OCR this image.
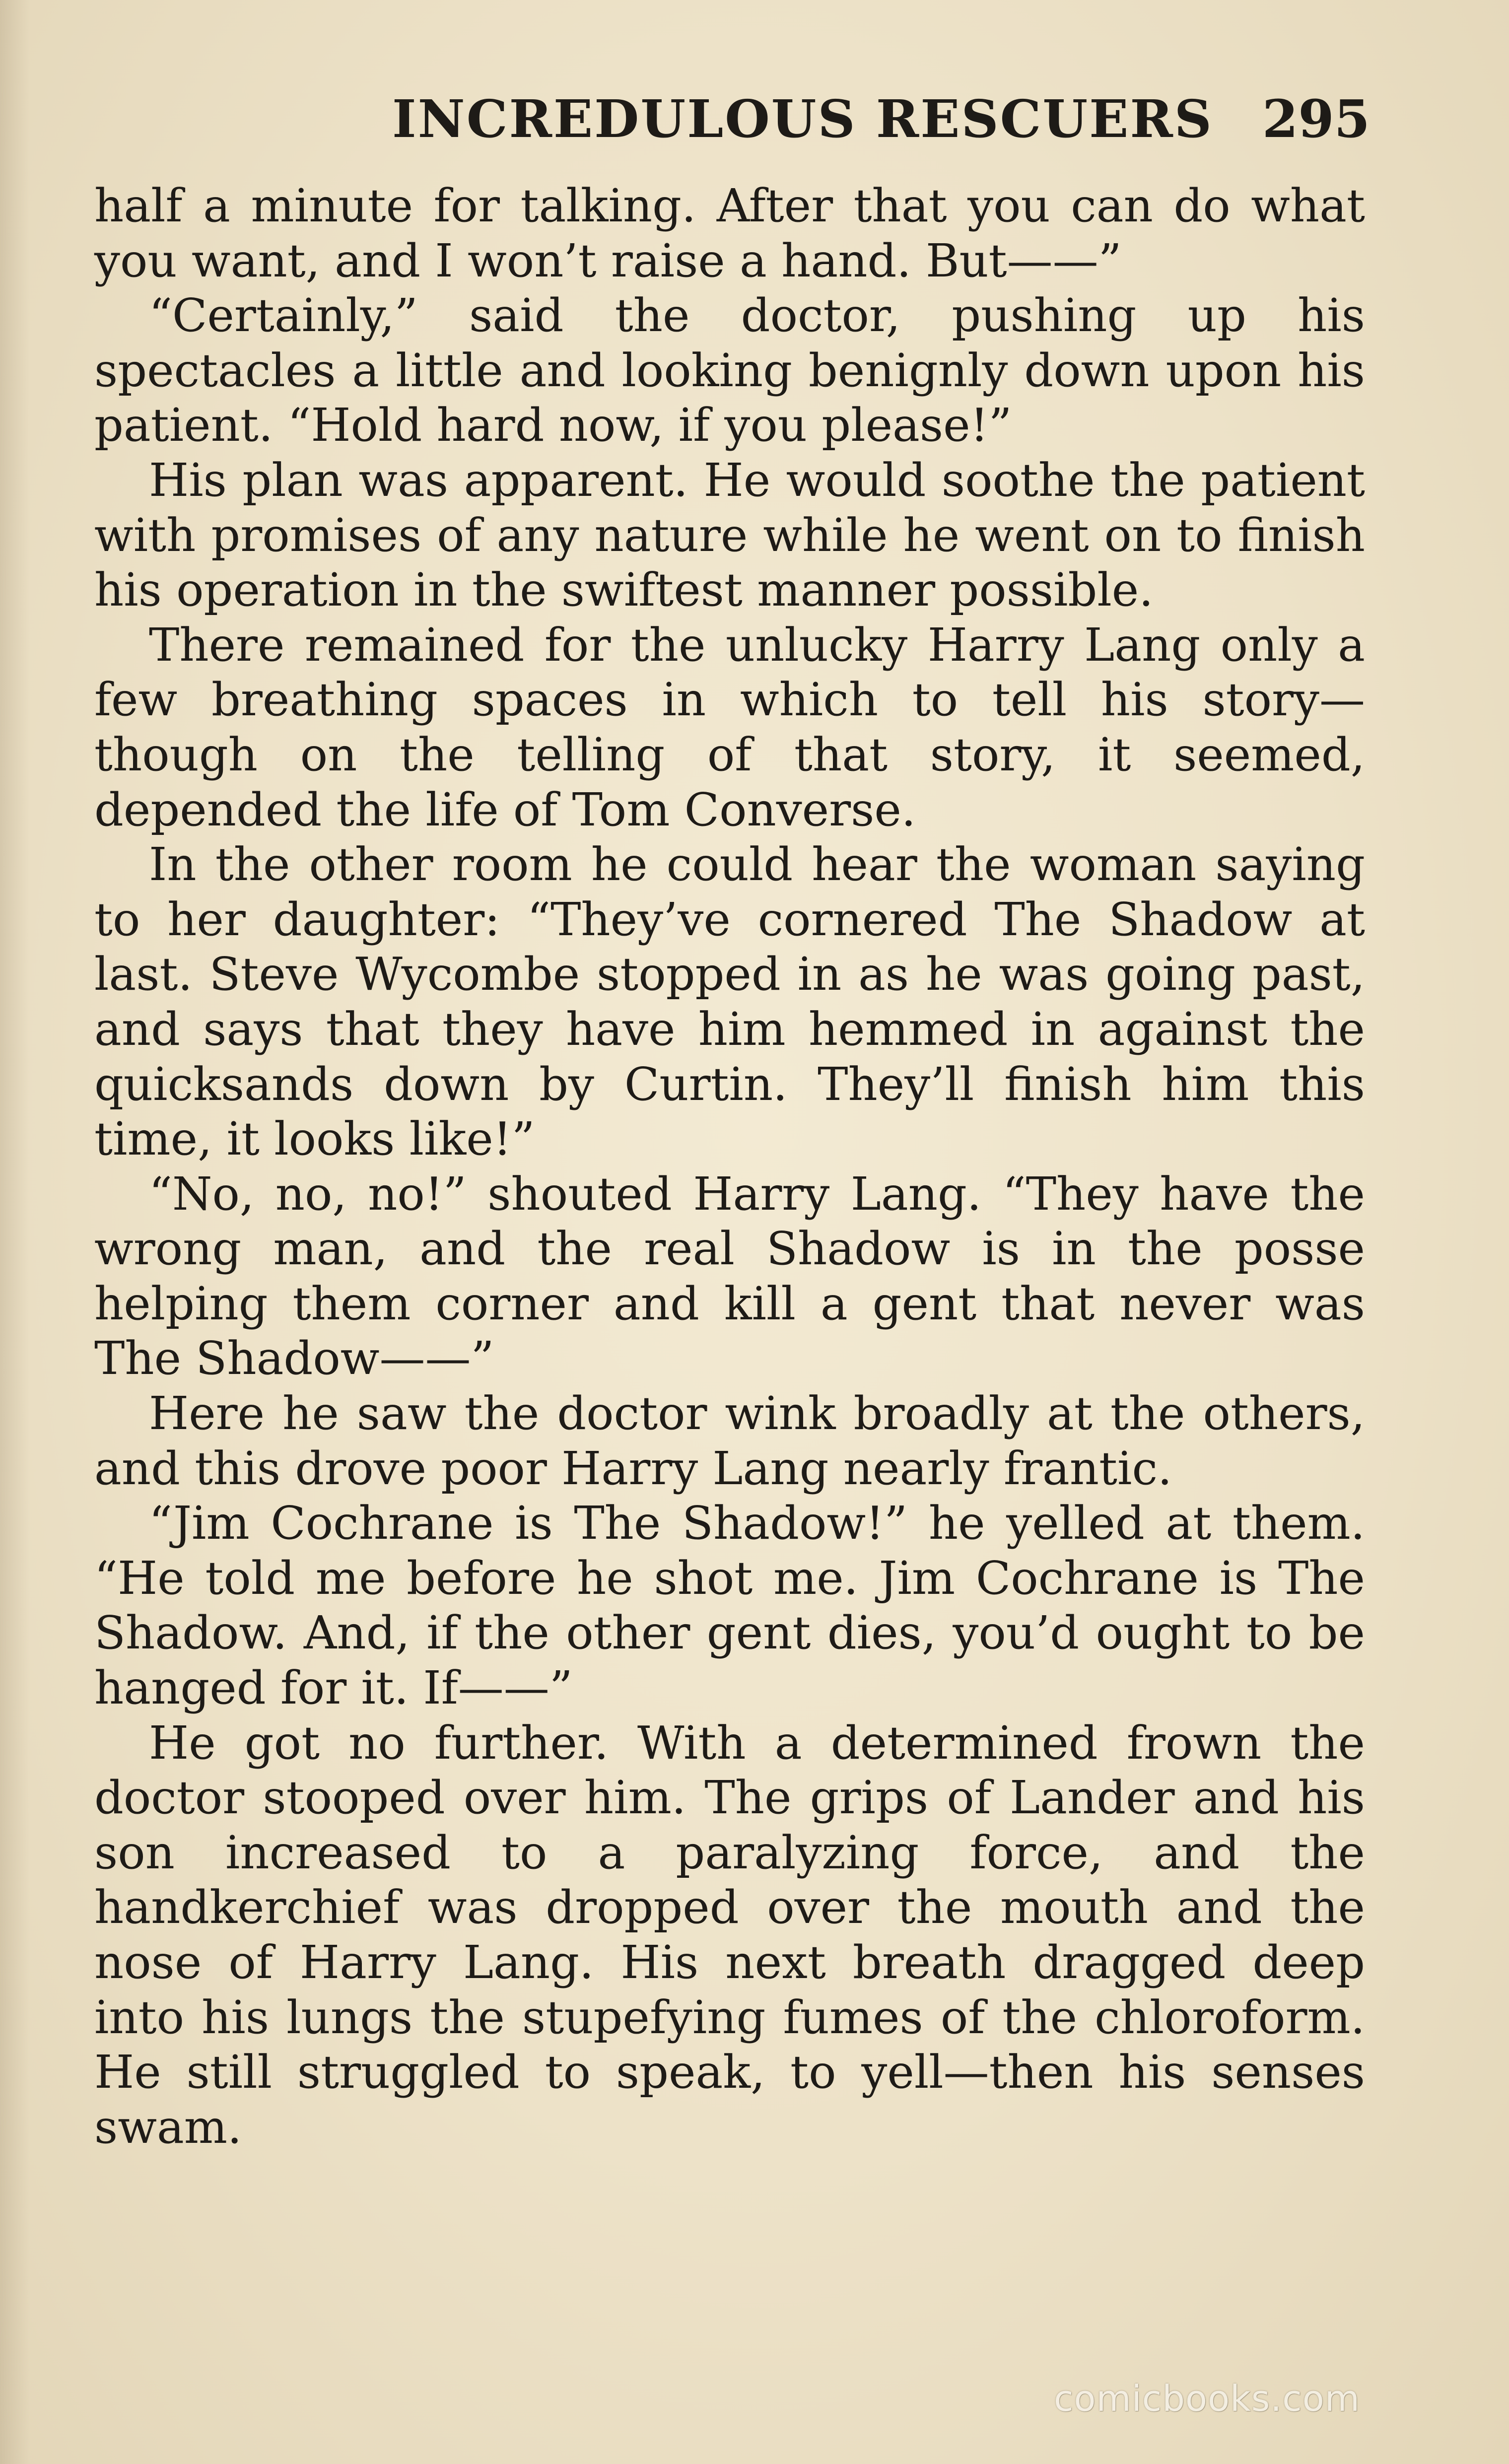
INCREDULOUS RESCUERS 295

half a minute for talking. After that you can do what you want, and I won’t raise a hand. But——”

“Certainly,” said the doctor, pushing up his spectacles a little and looking benignly down upon his patient. “Hold hard now, if you please!”

His plan was apparent. He would soothe the patient with promises of any nature while he went on to finish his operation in the swiftest manner possible.

There remained for the unlucky Harry Lang only a few breathing spaces in which to tell his story—though on the telling of that story, it seemed, depended the life of Tom Converse.

In the other room he could hear the woman saying to her daughter: “They’ve cornered The Shadow at last. Steve Wycombe stopped in as he was going past, and says that they have him hemmed in against the quicksands down by Curtin. They’ll finish him this time, it looks like!”

“No, no, no!” shouted Harry Lang. “They have the wrong man, and the real Shadow is in the posse helping them corner and kill a gent that never was The Shadow——”

Here he saw the doctor wink broadly at the others, and this drove poor Harry Lang nearly frantic.

“Jim Cochrane is The Shadow!” he yelled at them. “He told me before he shot me. Jim Cochrane is The Shadow. And, if the other gent dies, you’d ought to be hanged for it. If——”

He got no further. With a determined frown the doctor stooped over him. The grips of Lander and his son increased to a paralyzing force, and the handkerchief was dropped over the mouth and the nose of Harry Lang. His next breath dragged deep into his lungs the stupefying fumes of the chloroform. He still struggled to speak, to yell—then his senses swam.

comicbooks.com
